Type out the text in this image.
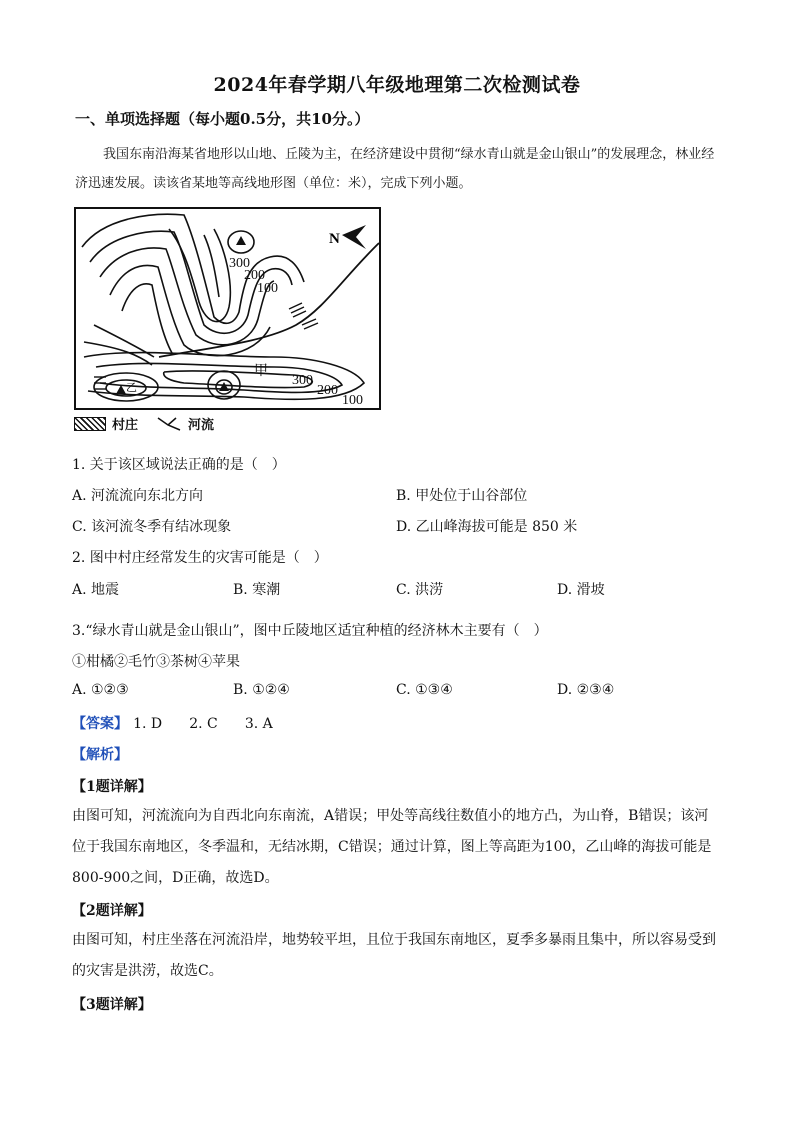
2024年春学期八年级地理第二次检测试卷
一、单项选择题（每小题0.5分，共10分。）
我国东南沿海某省地形以山地、丘陵为主，在经济建设中贯彻“绿水青山就是金山银山”的发展理念，林业经济迅速发展。读该省某地等高线地形图（单位：米），完成下列小题。
N
300
200
100
300
200
100
甲
乙
村庄	河流
1. 关于该区域说法正确的是（　）
A. 河流流向东北方向	B. 甲处位于山谷部位
C. 该河流冬季有结冰现象	D. 乙山峰海拔可能是 850 米
2. 图中村庄经常发生的灾害可能是（　）
A. 地震	B. 寒潮	C. 洪涝	D. 滑坡
3.“绿水青山就是金山银山”，图中丘陵地区适宜种植的经济林木主要有（　）
①柑橘②毛竹③茶树④苹果
A. ①②③	B. ①②④	C. ①③④	D. ②③④
【答案】 1. D 2. C 3. A
【解析】
【1题详解】
由图可知，河流流向为自西北向东南流，A错误；甲处等高线往数值小的地方凸，为山脊，B错误；该河位于我国东南地区，冬季温和，无结冰期，C错误；通过计算，图上等高距为100，乙山峰的海拔可能是800-900之间，D正确，故选D。
【2题详解】
由图可知，村庄坐落在河流沿岸，地势较平坦，且位于我国东南地区，夏季多暴雨且集中，所以容易受到的灾害是洪涝，故选C。
【3题详解】
